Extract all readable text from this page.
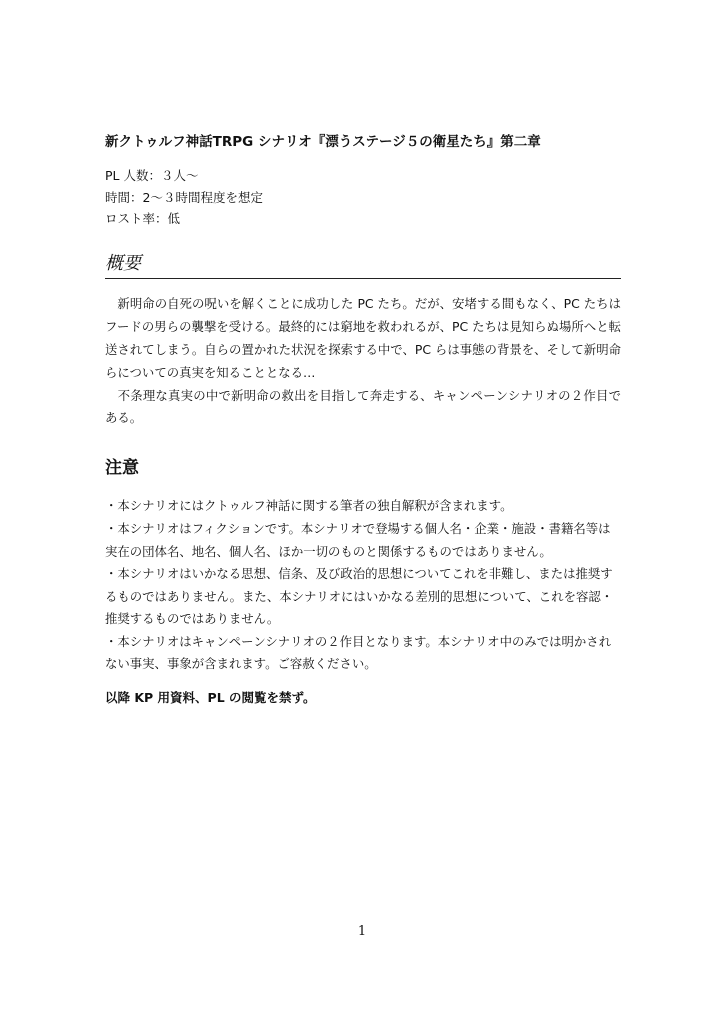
新クトゥルフ神話TRPG シナリオ『漂うステージ５の衛星たち』第二章
PL 人数：３人～
時間：2～３時間程度を想定
ロスト率：低
概要

　新明命の自死の呪いを解くことに成功した PC たち。だが、安堵する間もなく、PC たちはフードの男らの襲撃を受ける。最終的には窮地を救われるが、PC たちは見知らぬ場所へと転送されてしまう。自らの置かれた状況を探索する中で、PC らは事態の背景を、そして新明命らについての真実を知ることとなる…

　不条理な真実の中で新明命の救出を目指して奔走する、キャンペーンシナリオの２作目である。

注意

・本シナリオにはクトゥルフ神話に関する筆者の独自解釈が含まれます。

・本シナリオはフィクションです。本シナリオで登場する個人名・企業・施設・書籍名等は実在の団体名、地名、個人名、ほか一切のものと関係するものではありません。

・本シナリオはいかなる思想、信条、及び政治的思想についてこれを非難し、または推奨するものではありません。また、本シナリオにはいかなる差別的思想について、これを容認・推奨するものではありません。

・本シナリオはキャンペーンシナリオの２作目となります。本シナリオ中のみでは明かされない事実、事象が含まれます。ご容赦ください。

以降 KP 用資料、PL の閲覧を禁ず。
1
